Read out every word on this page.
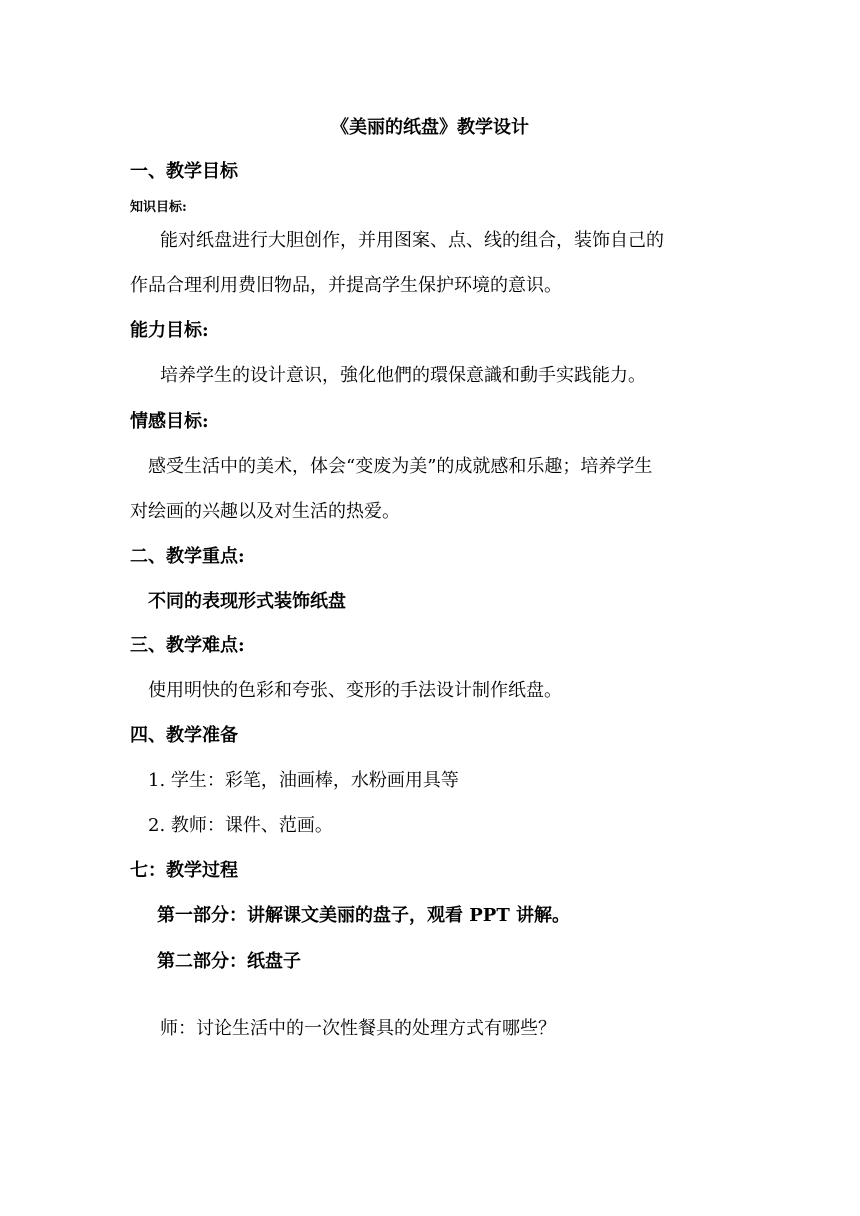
《美丽的纸盘》教学设计
一、教学目标
知识目标:
能对纸盘进行大胆创作，并用图案、点、线的组合，装饰自己的
作品合理利用费旧物品，并提高学生保护环境的意识。
能力目标:
培养学生的设计意识，強化他們的環保意識和動手实践能力。
情感目标:
感受生活中的美术，体会“变废为美”的成就感和乐趣；培养学生
对绘画的兴趣以及对生活的热爱。
二、教学重点:
不同的表现形式装饰纸盘
三、教学难点:
使用明快的色彩和夸张、变形的手法设计制作纸盘。
四、教学准备
1. 学生：彩笔，油画棒，水粉画用具等
2. 教师：课件、范画。
七：教学过程
第一部分：讲解课文美丽的盘子，观看 PPT 讲解。
第二部分：纸盘子
师：讨论生活中的一次性餐具的处理方式有哪些？
